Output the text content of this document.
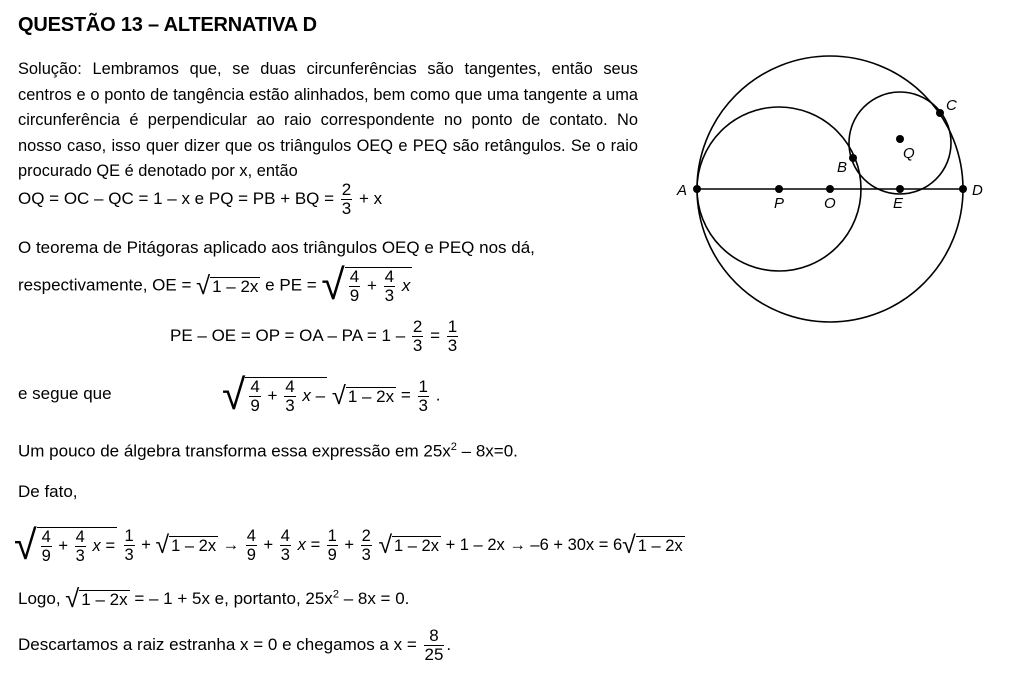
QUESTÃO 13 – ALTERNATIVA D
Solução: Lembramos que, se duas circunferências são tangentes, então seus centros e o ponto de tangência estão alinhados, bem como que uma tangente a uma circunferência é perpendicular ao raio correspondente no ponto de contato. No nosso caso, isso quer dizer que os triângulos OEQ e PEQ são retângulos. Se o raio procurado QE é denotado por x, então
OQ = OC – QC = 1 – x e PQ = PB + BQ = $\frac{2}{3} + x$
O teorema de Pitágoras aplicado aos triângulos OEQ e PEQ nos dá,
respectivamente, OE = √ 1 – 2x e PE = √ $\frac{4}{9} + \frac{4}{3}$ x
PE – OE = OP = OA – PA = $1 - \frac{2}{3} = \frac{1}{3}$
e segue que	√ $\frac{4}{9} + \frac{4}{3}$ x – √ $1 - 2x = \frac{1}{3}$ .
Um pouco de álgebra transforma essa expressão em $25x^2 - 8x=0$.
De fato,
√ $\frac{4}{9} + \frac{4}{3}$ $x = \frac{1}{3}$ + √ $1 - 2x \to \frac{4}{9} + \frac{4}{3}$ $x = \frac{1}{9} + \frac{2}{3}$ √ 1 – 2x + 1 – 2x → –6 + 30x = 6√ 1 – 2x
Logo, √ 1 – 2x = – 1 + 5x e, portanto, $25x^2 - 8x = 0$.
Descartamos a raiz estranha x = 0 e chegamos a $x = \frac{8}{25}$ .
A	D
P	O	E
Q
B
C
